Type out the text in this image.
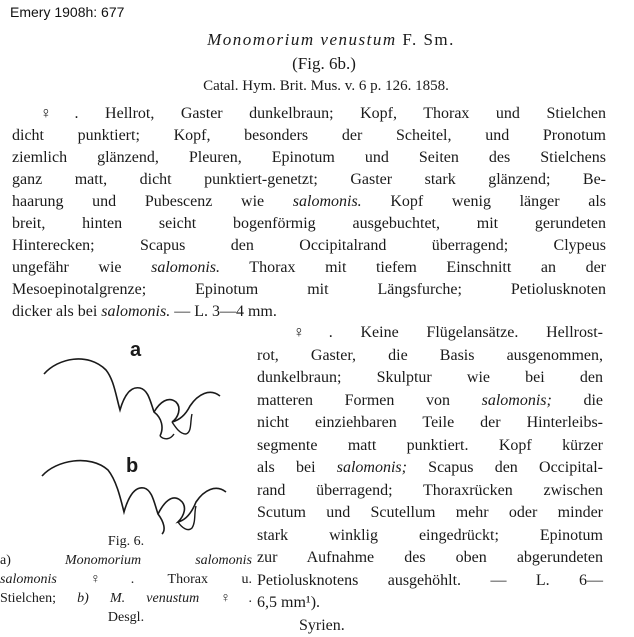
Emery 1908h: 677
Monomorium venustum F. Sm.
(Fig. 6b.)
Catal. Hym. Brit. Mus. v. 6 p. 126. 1858.
♀. Hellrot, Gaster dunkelbraun; Kopf, Thorax und Stielchen
dicht punktiert; Kopf, besonders der Scheitel, und Pronotum
ziemlich glänzend, Pleuren, Epinotum und Seiten des Stielchens
ganz matt, dicht punktiert-genetzt; Gaster stark glänzend; Be-
haarung und Pubescenz wie salomonis. Kopf wenig länger als
breit, hinten seicht bogenförmig ausgebuchtet, mit gerundeten
Hinterecken; Scapus den Occipitalrand überragend; Clypeus
ungefähr wie salomonis. Thorax mit tiefem Einschnitt an der
Mesoepinotalgrenze; Epinotum mit Längsfurche; Petiolusknoten
dicker als bei salomonis. — L. 3—4 mm.
a
b
Fig. 6.
a) Monomorium salomonis
salomonis ♀. Thorax u.
Stielchen; b) M. venustum ♀.
Desgl.
♀. Keine Flügelansätze. Hellrost-
rot, Gaster, die Basis ausgenommen,
dunkelbraun; Skulptur wie bei den
matteren Formen von salomonis; die
nicht einziehbaren Teile der Hinterleibs-
segmente matt punktiert. Kopf kürzer
als bei salomonis; Scapus den Occipital-
rand überragend; Thoraxrücken zwischen
Scutum und Scutellum mehr oder minder
stark winklig eingedrückt; Epinotum
zur Aufnahme des oben abgerundeten
Petiolusknotens ausgehöhlt. — L. 6—
6,5 mm¹).
Syrien.
